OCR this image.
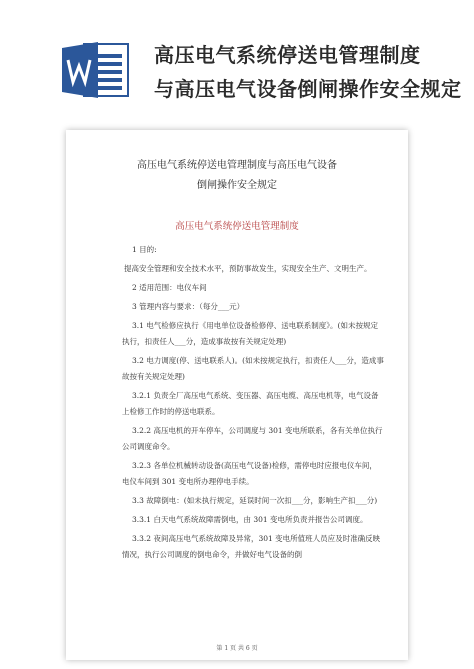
高压电气系统停送电管理制度
与高压电气设备倒闸操作安全规定
高压电气系统停送电管理制度与高压电气设备
倒闸操作安全规定
高压电气系统停送电管理制度

1 目的:

提高安全管理和安全技术水平，预防事故发生，实现安全生产、文明生产。

2 适用范围：电仪车间

3 管理内容与要求：（每分___元）

3.1 电气检修应执行《用电单位设备检修停、送电联系制度》。(如未按规定执行，扣责任人___分，造成事故按有关规定处理)

3.2 电力调度(停、送电联系人)。(如未按规定执行，扣责任人___分，造成事故按有关规定处理)

3.2.1 负责全厂高压电气系统、变压器、高压电缆、高压电机等，电气设备上检修工作时的停送电联系。

3.2.2 高压电机的开车停车，公司调度与 301 变电所联系，各有关单位执行公司调度命令。

3.2.3 各单位机械转动设备(高压电气设备)检修，需停电时应报电仪车间，电仪车间到 301 变电所办理停电手续。

3.3 故障倒电：(如未执行规定，延误时间一次扣___分，影响生产扣___分)

3.3.1 白天电气系统故障需倒电，由 301 变电所负责并报告公司调度。

3.3.2 夜间高压电气系统故障及异常，301 变电所值班人员应及时准确反映情况，执行公司调度的倒电命令，并做好电气设备的倒

第 1 页 共 6 页
